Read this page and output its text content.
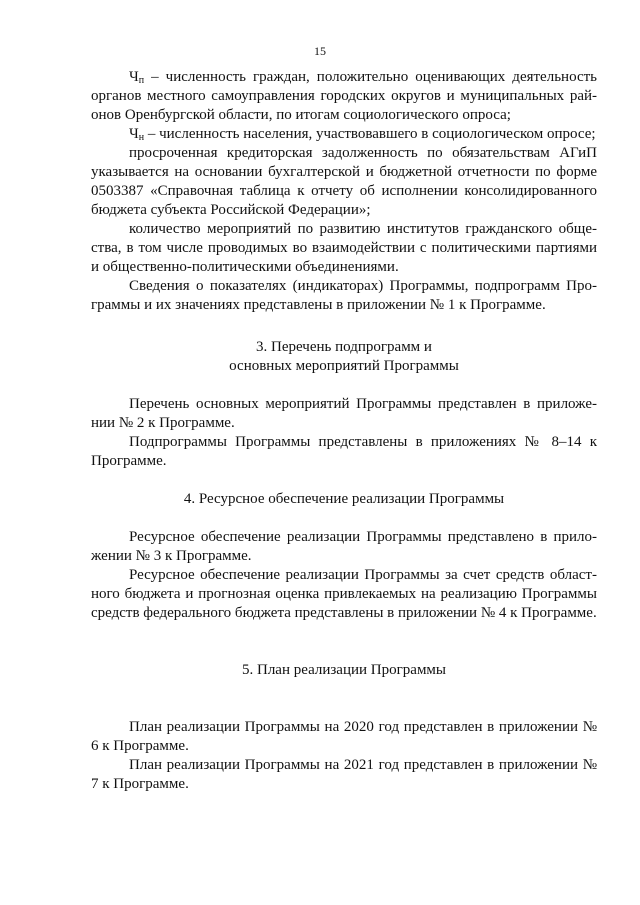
15

$Ч_п$ – численность граждан, положительно оценивающих деятельность органов местного самоуправления городских округов и муниципальных районов Оренбургской области, по итогам социологического опроса;

$Ч_н$ – численность населения, участвовавшего в социологическом опросе;

просроченная кредиторская задолженность по обязательствам АГиП указывается на основании бухгалтерской и бюджетной отчетности по форме 0503387 «Справочная таблица к отчету об исполнении консолидированного бюджета субъекта Российской Федерации»;

количество мероприятий по развитию институтов гражданского общества, в том числе проводимых во взаимодействии с политическими партиями и общественно-политическими объединениями.

Сведения о показателях (индикаторах) Программы, подпрограмм Программы и их значениях представлены в приложении № 1 к Программе.

3. Перечень подпрограмм и

основных мероприятий Программы

Перечень основных мероприятий Программы представлен в приложении № 2 к Программе.

Подпрограммы Программы представлены в приложениях № 8–14 к Программе.

4. Ресурсное обеспечение реализации Программы

Ресурсное обеспечение реализации Программы представлено в приложении № 3 к Программе.

Ресурсное обеспечение реализации Программы за счет средств областного бюджета и прогнозная оценка привлекаемых на реализацию Программы средств федерального бюджета представлены в приложении № 4 к Программе.

5. План реализации Программы

План реализации Программы на 2020 год представлен в приложении № 6 к Программе.

План реализации Программы на 2021 год представлен в приложении № 7 к Программе.
